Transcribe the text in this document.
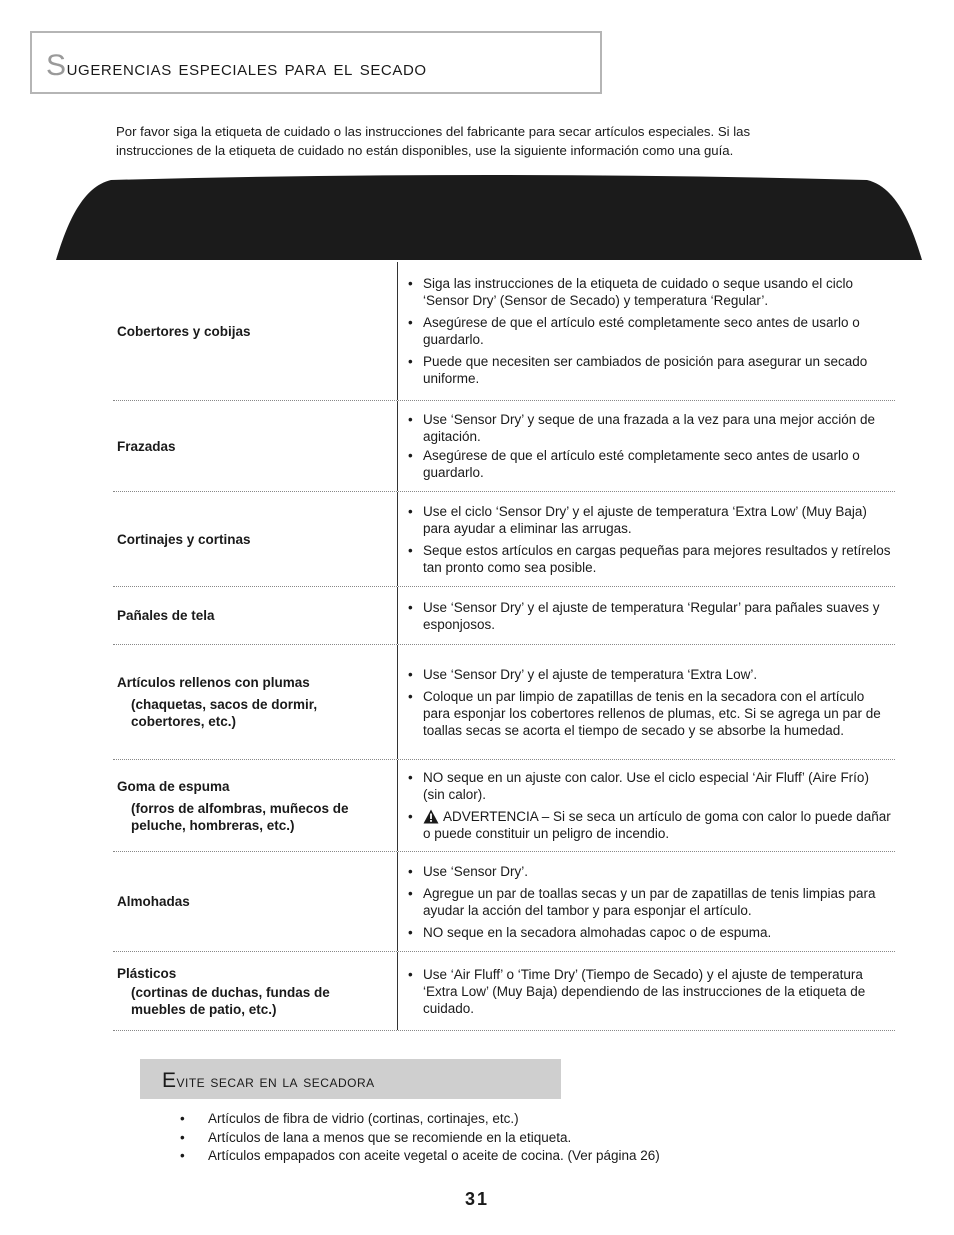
Sugerencias especiales para el secado
Por favor siga la etiqueta de cuidado o las instrucciones del fabricante para secar artículos especiales. Si las instrucciones de la etiqueta de cuidado no están disponibles, use la siguiente información como una guía.
Cobertores y cobijas
• Siga las instrucciones de la etiqueta de cuidado o seque usando el ciclo ‘Sensor Dry’ (Sensor de Secado) y temperatura ‘Regular’.
• Asegúrese de que el artículo esté completamente seco antes de usarlo o guardarlo.
• Puede que necesiten ser cambiados de posición para asegurar un secado uniforme.
Frazadas
• Use ‘Sensor Dry’ y seque de una frazada a la vez para una mejor acción de agitación.
• Asegúrese de que el artículo esté completamente seco antes de usarlo o guardarlo.
Cortinajes y cortinas
• Use el ciclo ‘Sensor Dry’ y el ajuste de temperatura ‘Extra Low’ (Muy Baja) para ayudar a eliminar las arrugas.
• Seque estos artículos en cargas pequeñas para mejores resultados y retírelos tan pronto como sea posible.
Pañales de tela
• Use ‘Sensor Dry’ y el ajuste de temperatura ‘Regular’ para pañales suaves y esponjosos.
Artículos rellenos con plumas
(chaquetas, sacos de dormir, cobertores, etc.)
• Use ‘Sensor Dry’ y el ajuste de temperatura ‘Extra Low’.
• Coloque un par limpio de zapatillas de tenis en la secadora con el artículo para esponjar los cobertores rellenos de plumas, etc. Si se agrega un par de toallas secas se acorta el tiempo de secado y se absorbe la humedad.
Goma de espuma
(forros de alfombras, muñecos de peluche, hombreras, etc.)
• NO seque en un ajuste con calor. Use el ciclo especial ‘Air Fluff’ (Aire Frío) (sin calor).
• ADVERTENCIA – Si se seca un artículo de goma con calor lo puede dañar o puede constituir un peligro de incendio.
Almohadas
• Use ‘Sensor Dry’.
• Agregue un par de toallas secas y un par de zapatillas de tenis limpias para ayudar la acción del tambor y para esponjar el artículo.
• NO seque en la secadora almohadas capoc o de espuma.
Plásticos
(cortinas de duchas, fundas de muebles de patio, etc.)
• Use ‘Air Fluff’ o ‘Time Dry’ (Tiempo de Secado) y el ajuste de temperatura ‘Extra Low’ (Muy Baja) dependiendo de las instrucciones de la etiqueta de cuidado.
Evite secar en la secadora
• Artículos de fibra de vidrio (cortinas, cortinajes, etc.)
• Artículos de lana a menos que se recomiende en la etiqueta.
• Artículos empapados con aceite vegetal o aceite de cocina. (Ver página 26)
31
